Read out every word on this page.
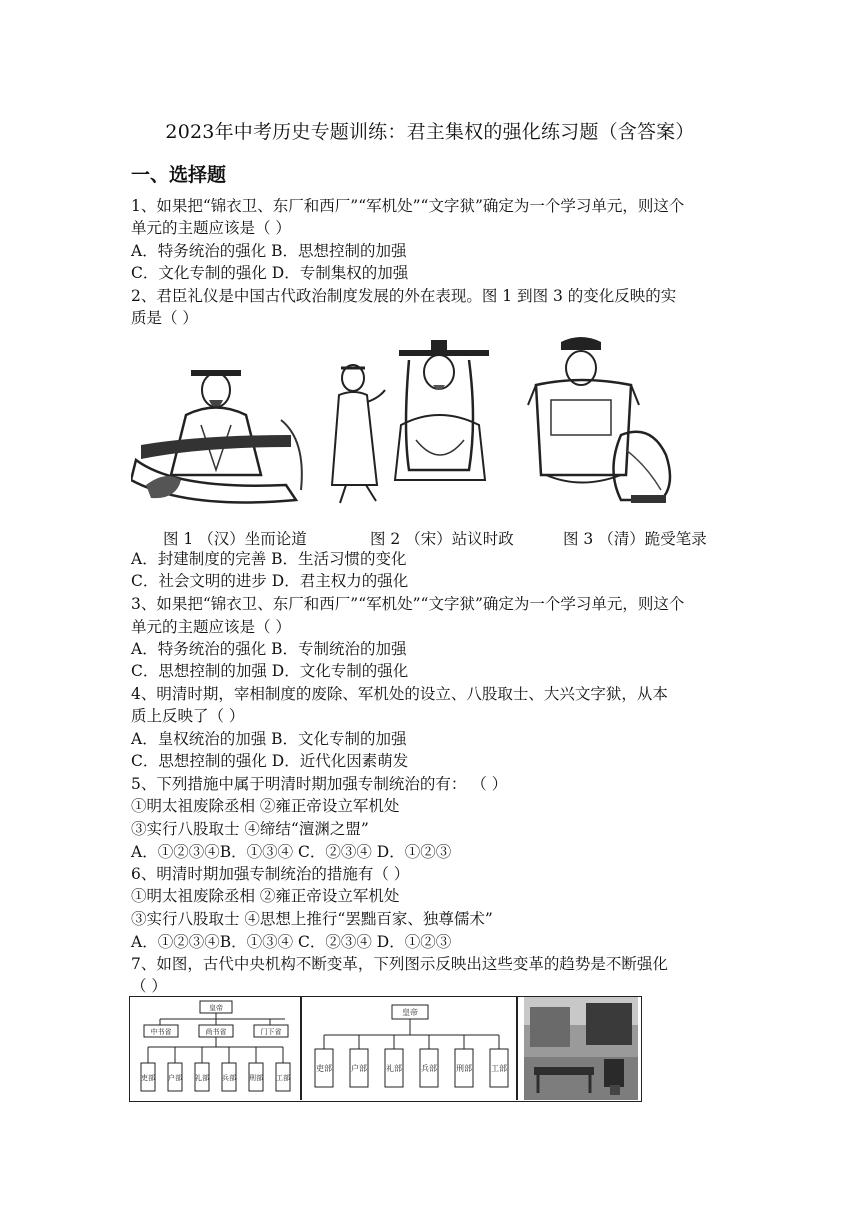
2023年中考历史专题训练：君主集权的强化练习题（含答案）
一、选择题
1、如果把“锦衣卫、东厂和西厂”“军机处”“文字狱”确定为一个学习单元，则这个
单元的主题应该是（ ）
A．特务统治的强化 B．思想控制的加强
C．文化专制的强化 D．专制集权的加强
2、君臣礼仪是中国古代政治制度发展的外在表现。图 1 到图 3 的变化反映的实
质是（ ）
图 1 （汉）坐而论道	图 2 （宋）站议时政	图 3 （清）跪受笔录
A．封建制度的完善 B．生活习惯的变化
C．社会文明的进步 D．君主权力的强化
3、如果把“锦衣卫、东厂和西厂”“军机处”“文字狱”确定为一个学习单元，则这个
单元的主题应该是（ ）
A．特务统治的强化 B．专制统治的加强
C．思想控制的加强 D．文化专制的强化
4、明清时期，宰相制度的废除、军机处的设立、八股取士、大兴文字狱，从本
质上反映了（ ）
A．皇权统治的加强 B．文化专制的加强
C．思想控制的强化 D．近代化因素萌发
5、下列措施中属于明清时期加强专制统治的有： （ ）
①明太祖废除丞相 ②雍正帝设立军机处
③实行八股取士 ④缔结“澶渊之盟”
A．①②③④B．①③④ C．②③④ D．①②③
6、明清时期加强专制统治的措施有（ ）
①明太祖废除丞相 ②雍正帝设立军机处
③实行八股取士 ④思想上推行“罢黜百家、独尊儒术”
A．①②③④B．①③④ C．②③④ D．①②③
7、如图，古代中央机构不断变革，下列图示反映出这些变革的趋势是不断强化
（ ）
皇帝
中书省	尚书省	门下省
吏部 户部 礼部 兵部 刑部 工部
皇帝
吏部 户部 礼部 兵部 刑部 工部
